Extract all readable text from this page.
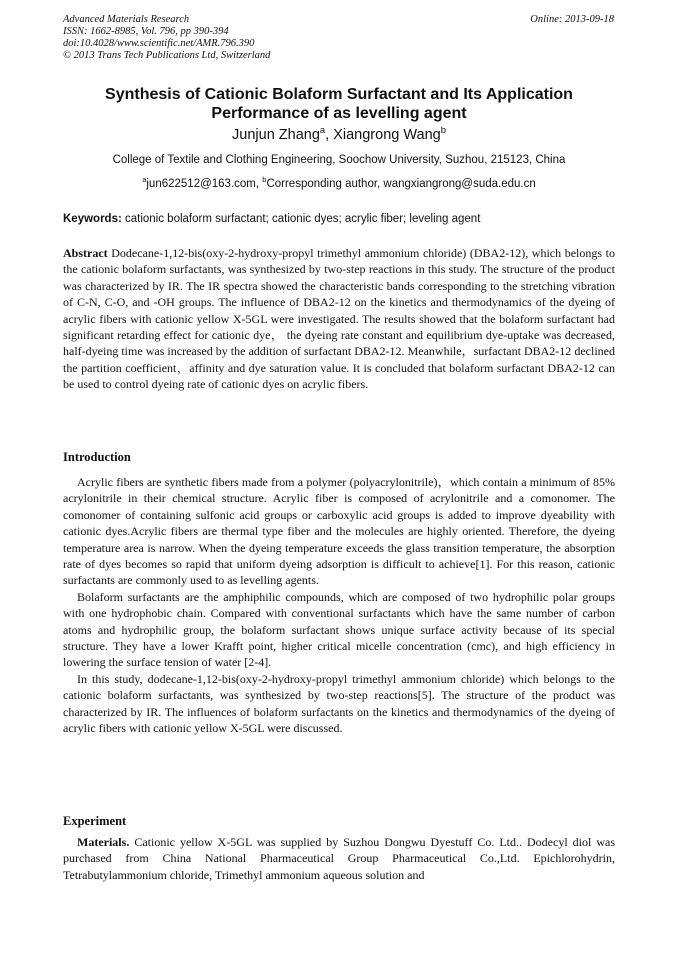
Advanced Materials Research
ISSN: 1662-8985, Vol. 796, pp 390-394
doi:10.4028/www.scientific.net/AMR.796.390
© 2013 Trans Tech Publications Ltd, Switzerland
Online: 2013-09-18
Synthesis of Cationic Bolaform Surfactant and Its Application
Performance of as levelling agent
Junjun Zhang$^a$, Xiangrong Wang$^b$
College of Textile and Clothing Engineering, Soochow University, Suzhou, 215123, China
$^a$jun622512@163.com, $^b$Corresponding author, wangxiangrong@suda.edu.cn
Keywords: cationic bolaform surfactant; cationic dyes; acrylic fiber; leveling agent
Abstract Dodecane-1,12-bis(oxy-2-hydroxy-propyl trimethyl ammonium chloride) (DBA2-12), which belongs to the cationic bolaform surfactants, was synthesized by two-step reactions in this study. The structure of the product was characterized by IR. The IR spectra showed the characteristic bands corresponding to the stretching vibration of C-N, C-O, and -OH groups. The influence of DBA2-12 on the kinetics and thermodynamics of the dyeing of acrylic fibers with cationic yellow X-5GL were investigated. The results showed that the bolaform surfactant had significant retarding effect for cationic dye， the dyeing rate constant and equilibrium dye-uptake was decreased, half-dyeing time was increased by the addition of surfactant DBA2-12. Meanwhile，surfactant DBA2-12 declined the partition coefficient，affinity and dye saturation value. It is concluded that bolaform surfactant DBA2-12 can be used to control dyeing rate of cationic dyes on acrylic fibers.
Introduction

Acrylic fibers are synthetic fibers made from a polymer (polyacrylonitrile)，which contain a minimum of 85% acrylonitrile in their chemical structure. Acrylic fiber is composed of acrylonitrile and a comonomer. The comonomer of containing sulfonic acid groups or carboxylic acid groups is added to improve dyeability with cationic dyes.Acrylic fibers are thermal type fiber and the molecules are highly oriented. Therefore, the dyeing temperature area is narrow. When the dyeing temperature exceeds the glass transition temperature, the absorption rate of dyes becomes so rapid that uniform dyeing adsorption is difficult to achieve[1]. For this reason, cationic surfactants are commonly used to as levelling agents.

Bolaform surfactants are the amphiphilic compounds, which are composed of two hydrophilic polar groups with one hydrophobic chain. Compared with conventional surfactants which have the same number of carbon atoms and hydrophilic group, the bolaform surfactant shows unique surface activity because of its special structure. They have a lower Krafft point, higher critical micelle concentration (cmc), and high efficiency in lowering the surface tension of water [2-4].

In this study, dodecane-1,12-bis(oxy-2-hydroxy-propyl trimethyl ammonium chloride) which belongs to the cationic bolaform surfactants, was synthesized by two-step reactions[5]. The structure of the product was characterized by IR. The influences of bolaform surfactants on the kinetics and thermodynamics of the dyeing of acrylic fibers with cationic yellow X-5GL were discussed.

Experiment

Materials. Cationic yellow X-5GL was supplied by Suzhou Dongwu Dyestuff Co. Ltd.. Dodecyl diol was purchased from China National Pharmaceutical Group Pharmaceutical Co.,Ltd. Epichlorohydrin, Tetrabutylammonium chloride, Trimethyl ammonium aqueous solution and
